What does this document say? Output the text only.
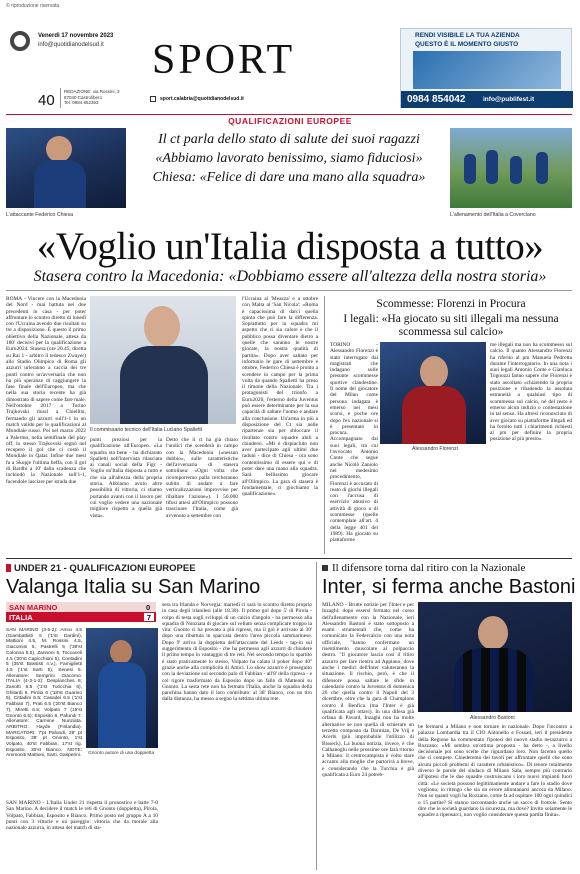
© riproduzione riservata
Venerdì 17 novembre 2023
info@quotidianodelsud.it SPORT
40
REDAZIONE: via Rossini, 3
87040 Castrolibero
Tel. 0984 852363
sport.calabria@quotidianodelsud.it
RENDI VISIBILE LA TUA AZIENDA
QUESTO È IL MOMENTO GIUSTO
0984 854042	info@publifest.it
QUALIFICAZIONI EUROPEE
L'attaccante Federico Chiesa	L'allenamento dell'Italia a Coverciano
Il ct parla dello stato di salute dei suoi ragazzi
«Abbiamo lavorato benissimo, siamo fiduciosi»
Chiesa: «Felice di dare una mano alla squadra»
«Voglio un'Italia disposta a tutto»
Stasera contro la Macedonia: «Dobbiamo essere all'altezza della nostra storia»
ROMA - Vincere con la Macedonia del Nord - mai battuta nei due precedenti in casa - per poter affrontare lo scontro diretto di lunedì con l'Ucraina avendo due risultati su tre a disposizione. È questo il primo obiettivo della Nazionale, attesa da 180' decisivi per la qualificazione a Euro2024. Stasera (ore 20.45, diretta su Rai 1 - arbitro il tedesco Zwayer) allo Stadio Olimpico di Roma gli azzurri urleranno a caccia dei tre punti contro un'avversaria che non ha più speranze di raggiungere la fase finale dell'Europeo, ma che nella sua storia recente ha già dimostrato di sapere come fare male. Nell'ottobre 2017 a Torino Trajkovski riuscì a Chiellini, fermando gli azzurri sull'1-1 in un match valido per le qualificazioni al Mondiale russo. Poi nel marzo 2022 a Palermo, nella semifinale del play off, lo stesso Trajkovski segnò nel recupero il gol che ci costò il Mondiale in Qatar. Infine due mesi fa a Skopje l'ultima beffa, con il gol di Bardhi a 10' dalla scadenza che inchiodò la Nazionale sull'1-1, facendole lasciare per strada due
Il commissario tecnico dell'Italia Luciano Spalletti
punti preziosi per la qualificazione all'Europeo. «La squadra sta bene - ha dichiarato Spalletti nell'intervista rilasciata ai canali social della Figc - Voglio un'Italia disposta a tutto e che sia all'altezza della propria storia. Abbiamo avuto altre possibilità di vittoria, ci stiamo portando avanti con il lavoro per cui voglio vedere una nazionale migliore rispetto a quella già vista».
Detto che il ct ha già chiaro l'undici che scenderà in campo con la Macedonia («nessun dubbio», sulle caratteristiche dell'avversaria di stasera sottolinea: «Ogni volta che ricomporremo palla cercheranno subito di andare a fare verticalizzazioni improvvise per ribaltare l'azione»). I 50.000 tifosi attesi all'Olimpico possono trascinare l'Italia, come già avvenuto a settembre con
l'Ucraina al 'Meazza' e a ottobre con Malta al 'San Nicola': «Roma è capacissima di darci quella spinta che può fare la differenza. Soprattutto per la squadra mi aspetto che ci sia calore e che il pubblico possa diventare dietro a quelle che saranno le nostre giocate, la nostra qualità di partita». Dopo aver saltato per infortunio le gare di settembre e ottobre, Federico Chiesa è pronto a scendere in campo per la prima volta da quando Spalletti ha preso il timone della Nazionale. Tra i protagonisti del trionfo a Euro2020, l'esterno della Juventus può essere determinante per la sua capacità di saltare l'uomo e andare alla conclusione. Un'arma in più a disposizione del Ct sia nelle ripartenze sia per sbloccare il risultato contro squadre abili a chiudersi. «Mi è dispiaciuto non aver partecipato agli ultimi due raduni - dice di Chiesa - ora sono contentissimo di essere qui e di poter dare una mano alla squadra. Sarà bellissimo giocare all'Olimpico. La gara di stasera è fondamentale, ci giochiamo la qualificazione».
Scommesse: Florenzi in Procura
I legali: «Ha giocato su siti illegali ma nessuna scommessa sul calcio»
TORINO - Alessandro Florenzi è stato interrogato dai magistrati che indagano sulle presunte scommesse sportive clandestine. Il nome del giocatore del Milan come persona indagata è emerso nei mesi scorsi, e poche ore dopo l'ex nazionale si è presentato in procura. Accompagnato dai suoi legali, tra cui l'avvocato Antonio Conte che segue anche Nicolò Zaniolo nel medesimo procedimento, Florenzi è accusato di reato di giochi illegali con l'accusa di esercizio abusivo di attività di gioco o di scommesse (quelle contemplate all'art. 4 della legge 401 del 1989). Ha giocato su piattaforme
Alessandro Florenzi
me illegali ma non ha scommesso sul calcio. Il quanto Alessandro Florenzi ha riferito al pm Manuela Pedrotta durante l'interrogatorio. In una nota i suoi legali Antonio Conte e Gianluca Tognozzi fanno sapere che Florenzi è stato ascoltato «chiarendo la propria posizione e ribadendo la assoluta estraneità a qualsiasi tipo di scommessa sul calcio, né del resto è emerso alcun indizio o contestazione in tal senso. Ha altresì riconosciuto di aver giocato su piattaforme illegali ed ha fornito tutti i chiarimenti richiesti al pm per definire la propria posizione al più presto».
UNDER 21 - QUALIFICAZIONI EUROPEE
Valanga Italia su San Marino
SAN MARINO	0
ITALIA	7
SAN MARINO (3-5-2): Amici 4.5 (Giambattisti 5 ('1'st Dardini), Mattioni 4.5, M. Rossini 4.5, Giacomini 5, Pastrelli 5 ('39'st Colonna 5.5), Zannoni 5, Toccaceli 4.5 ('20'st Capicchioni 5), Contadini 5 (35'st Bassisti n.v.), Famiglietti 4.5 ('1'st Sarti 5), Senesi 5. Allenatore: Semprini Giacomo. ITALIA (4-3-1-2): Desplanches 6; Zanotti 6.5 ('1'st Turicchia 6), Ghilardi 6, Pirola 6 ('18'st Guarino 6), Cittadini 6.5; Casadei 6.5 ('1'st Fabbian 7), Prati 6.5 ('20'st Bianco 7), Miretti 6.5; Volpato 7 (19'st Gnonto 6.5); Esposito 8, Pafundi 7. Allenatore: Carmine Nunziata. ARBITRO: Hayde (Finlandia). MARCATORI: 7'pt Pafundi, 29' pt Esposito, 38' pt Gnonto, 1'st Volpato, 40'st Fabbian, 17'st rig. Esposito, 30'st Bianco. NOTE: Ammoniti Mattioni, Sarti, Gasperini. Gnonto autore di una doppietta
SAN MARINO - L'Italia Under 21 rispetta il pronostico e batte 7-0 San Marino. A decidere il match le reti di Gnonto (doppietta), Pirola, Volpato, Fabbian, Esposito e Bianco. Primo posto nel gruppo A a 10 punti con 3 vittorie e un pareggio: vittoria che da morale alla nazionale azzurra, in attesa del match di sta-
sera tra Irlanda e Norvegia: martedì ci sarà lo scontro diretto proprio in casa degli irlandesi (alle 18.30). Il primo gol dopo 5' di Pirola - colpo di testa sugli sviluppi di un calcio d'angolo - ha permesso alla squadra di Nunziata di giocare sul velluto senza complicare troppo la vita: Gnonto ci ha provato a più riprese, ma il gol è arrivato al 30' dopo una ribattuta in spaccata dentro l'area piccola sammarinese. Dopo 9' arriva la doppietta dell'attaccante del Leeds - tap-in sul suggerimento di Esposito - che ha permesso agli azzurri di chiudere il primo tempo in vantaggio di tre reti. Nel secondo tempo lo spartito è stato praticamente lo stesso, Volpato ha calato il poker dopo 40'' grazie anche alla complicità di Amici. Lo show azzurro è proseguito con la deviazione sul secondo palo di Fabbian - all'8' della ripresa - e col rigore trasformato da Esposito dopo un fallo di Matteoni su Gnonto. La sesta rete non ha fermato l'Italia, anche la squadra della panchina hanno dato il loro contributo: al 38' Bianco, con un tiro dalla distanza, ha messo a segno la settima ultima rete.
Il difensore torna dal ritiro con la Nazionale
Inter, si ferma anche Bastoni
MILANO - Brutte notizie per l'Inter e per Inzaghi: dopo essersi fermato nel corso dell'allenamento con la Nazionale, ieri Alessandro Bastoni è stato sottoposto a esami strumentali che, come ha comunicato la Federcalcio con una nota ufficiale, "hanno confermato un risentimento muscolare al polpaccio destro. "Il giocatore lascia così il ritiro azzurro per fare rientro ad Appiano, dove anche i medici dell'Inter valuteranno la situazione. Il rischio, però, è che il difensore possa saltare le sfide in calendario contro la Juventus di domenica 26 che quella contro il Napoli del 3 dicembre, oltre che la gara di Champions contro il Benfica (ma l'Inter è già qualificata agli ottavi). In una difesa già orfana di Pavard, Inzaghi non ha molte alternative se non quella di schierare un terzetto composto da Darmian, De Vrij e Acerbi (più improbabile l'utilizzo di Bisseck). La buona notizia, invece, è che Calhanoglu nelle prossime ore farà ritorno a Milano: il centrocampista è volto stare accanto alla moglie che partorirà a breve, e considerando che la Turchia è già qualificata a Euro 24 potreb-
Alessandro Bastoni
be fermarsi a Milano e non tornare in nazionale. Dopo l'incontro a palazzo Lombardia tra il CIO Antonello e Fossati, ieri il presidente della Regione ha commentato l'ipotesi del nuovo stadio nerazzurro a Rozzano: «Mi sembra un'ottima proposta - ha detto -, a livello decisionale poi sono scelte che riguardano loro. Non facemo quello che ci compete. Chiederemo dei tavoli per affrontare quelli che sono alcuni piccoli problemi di carattere urbanistico». Di tenore totalmente diverso le parole del sindaco di Milano Sala, sempre più contrario all'ipotesi che le due squadre costruiscano i loro nuovi impianti fuori città: «Le società possono legittimamente andare a fare lo stadio dove vogliono, io ritengo che sia un errore allontanarsi ancora da Milano. Non so quanti vogli ha Rozzano, come fa ad ospitare 100 ogni quindici o 15 partite? Si stanno raccontando anche un sacco di frottole. Sento dire che le società guardano la sicurezza, ma dove? Invito solamente le squadre a ripensarci, non voglio considerare questa partita finita».
